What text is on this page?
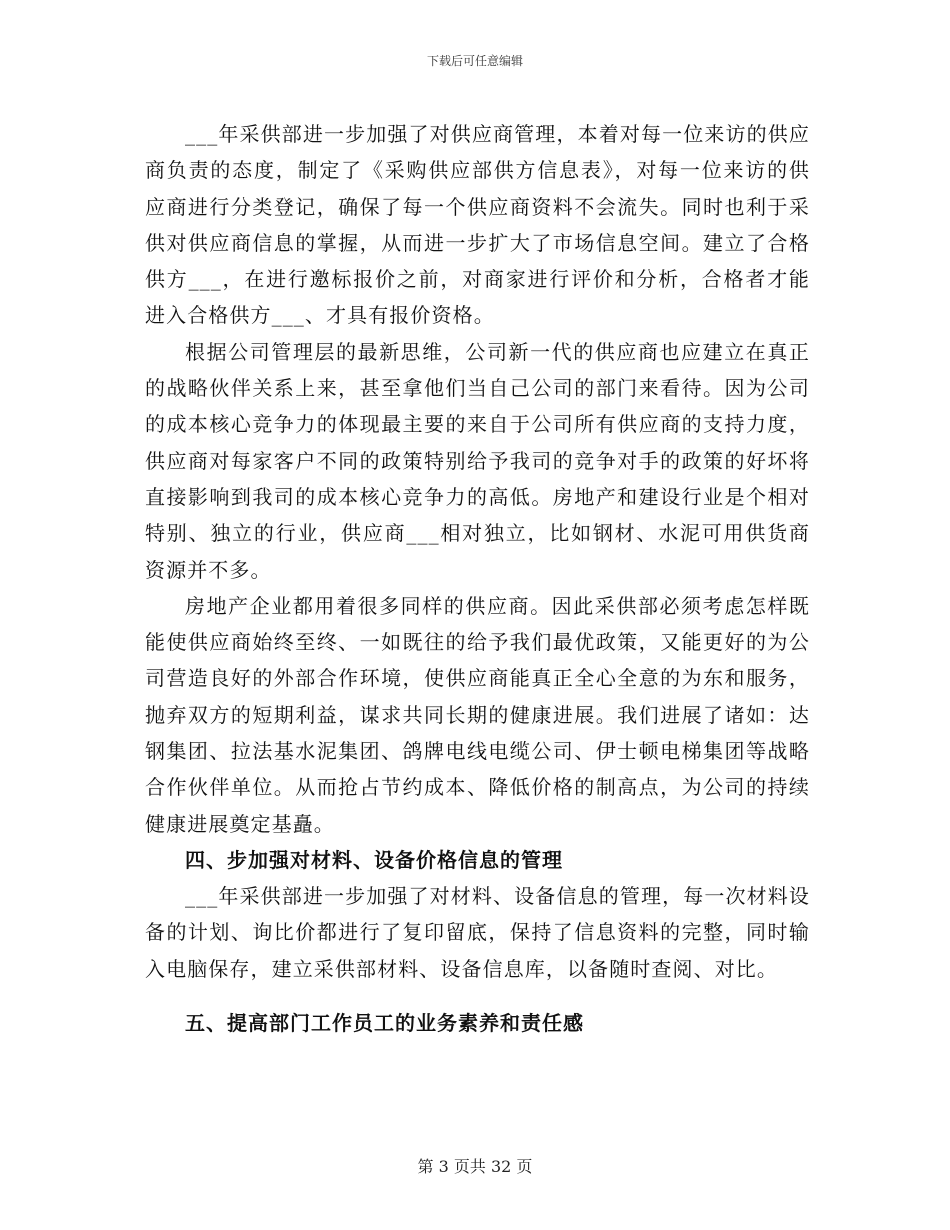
下载后可任意编辑

___年采供部进一步加强了对供应商管理，本着对每一位来访的供应商负责的态度，制定了《采购供应部供方信息表》，对每一位来访的供应商进行分类登记，确保了每一个供应商资料不会流失。同时也利于采供对供应商信息的掌握，从而进一步扩大了市场信息空间。建立了合格供方___，在进行邀标报价之前，对商家进行评价和分析，合格者才能进入合格供方___、才具有报价资格。

根据公司管理层的最新思维，公司新一代的供应商也应建立在真正的战略伙伴关系上来，甚至拿他们当自己公司的部门来看待。因为公司的成本核心竞争力的体现最主要的来自于公司所有供应商的支持力度，供应商对每家客户不同的政策特别给予我司的竞争对手的政策的好坏将直接影响到我司的成本核心竞争力的高低。房地产和建设行业是个相对特别、独立的行业，供应商___相对独立，比如钢材、水泥可用供货商资源并不多。

房地产企业都用着很多同样的供应商。因此采供部必须考虑怎样既能使供应商始终至终、一如既往的给予我们最优政策，又能更好的为公司营造良好的外部合作环境，使供应商能真正全心全意的为东和服务，抛弃双方的短期利益，谋求共同长期的健康进展。我们进展了诸如：达钢集团、拉法基水泥集团、鸽牌电线电缆公司、伊士顿电梯集团等战略合作伙伴单位。从而抢占节约成本、降低价格的制高点，为公司的持续健康进展奠定基矗。

四、步加强对材料、设备价格信息的管理

___年采供部进一步加强了对材料、设备信息的管理，每一次材料设备的计划、询比价都进行了复印留底，保持了信息资料的完整，同时输入电脑保存，建立采供部材料、设备信息库，以备随时查阅、对比。

五、提高部门工作员工的业务素养和责任感
第 3 页共 32 页
